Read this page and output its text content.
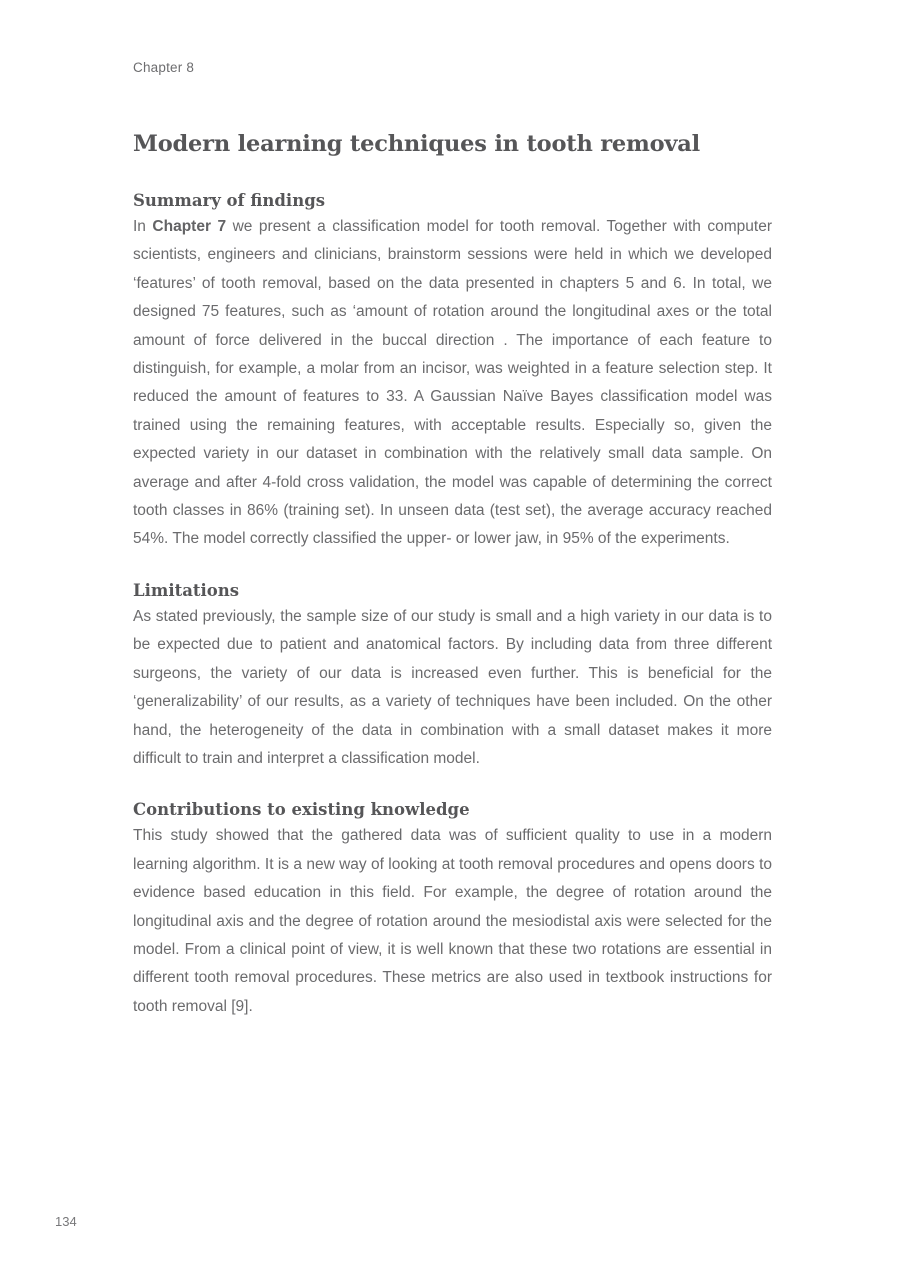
Chapter 8
Modern learning techniques in tooth removal
Summary of findings

In Chapter 7 we present a classification model for tooth removal. Together with computer scientists, engineers and clinicians, brainstorm sessions were held in which we developed ‘features’ of tooth removal, based on the data presented in chapters 5 and 6. In total, we designed 75 features, such as ‘amount of rotation around the longitudinal axes or the total amount of force delivered in the buccal direction . The importance of each feature to distinguish, for example, a molar from an incisor, was weighted in a feature selection step. It reduced the amount of features to 33. A Gaussian Naïve Bayes classification model was trained using the remaining features, with acceptable results. Especially so, given the expected variety in our dataset in combination with the relatively small data sample. On average and after 4-fold cross validation, the model was capable of determining the correct tooth classes in 86% (training set). In unseen data (test set), the average accuracy reached 54%. The model correctly classified the upper- or lower jaw, in 95% of the experiments.

Limitations

As stated previously, the sample size of our study is small and a high variety in our data is to be expected due to patient and anatomical factors. By including data from three different surgeons, the variety of our data is increased even further. This is beneficial for the ‘generalizability’ of our results, as a variety of techniques have been included. On the other hand, the heterogeneity of the data in combination with a small dataset makes it more difficult to train and interpret a classification model.

Contributions to existing knowledge

This study showed that the gathered data was of sufficient quality to use in a modern learning algorithm. It is a new way of looking at tooth removal procedures and opens doors to evidence based education in this field. For example, the degree of rotation around the longitudinal axis and the degree of rotation around the mesiodistal axis were selected for the model. From a clinical point of view, it is well known that these two rotations are essential in different tooth removal procedures. These metrics are also used in textbook instructions for tooth removal [9].

134
